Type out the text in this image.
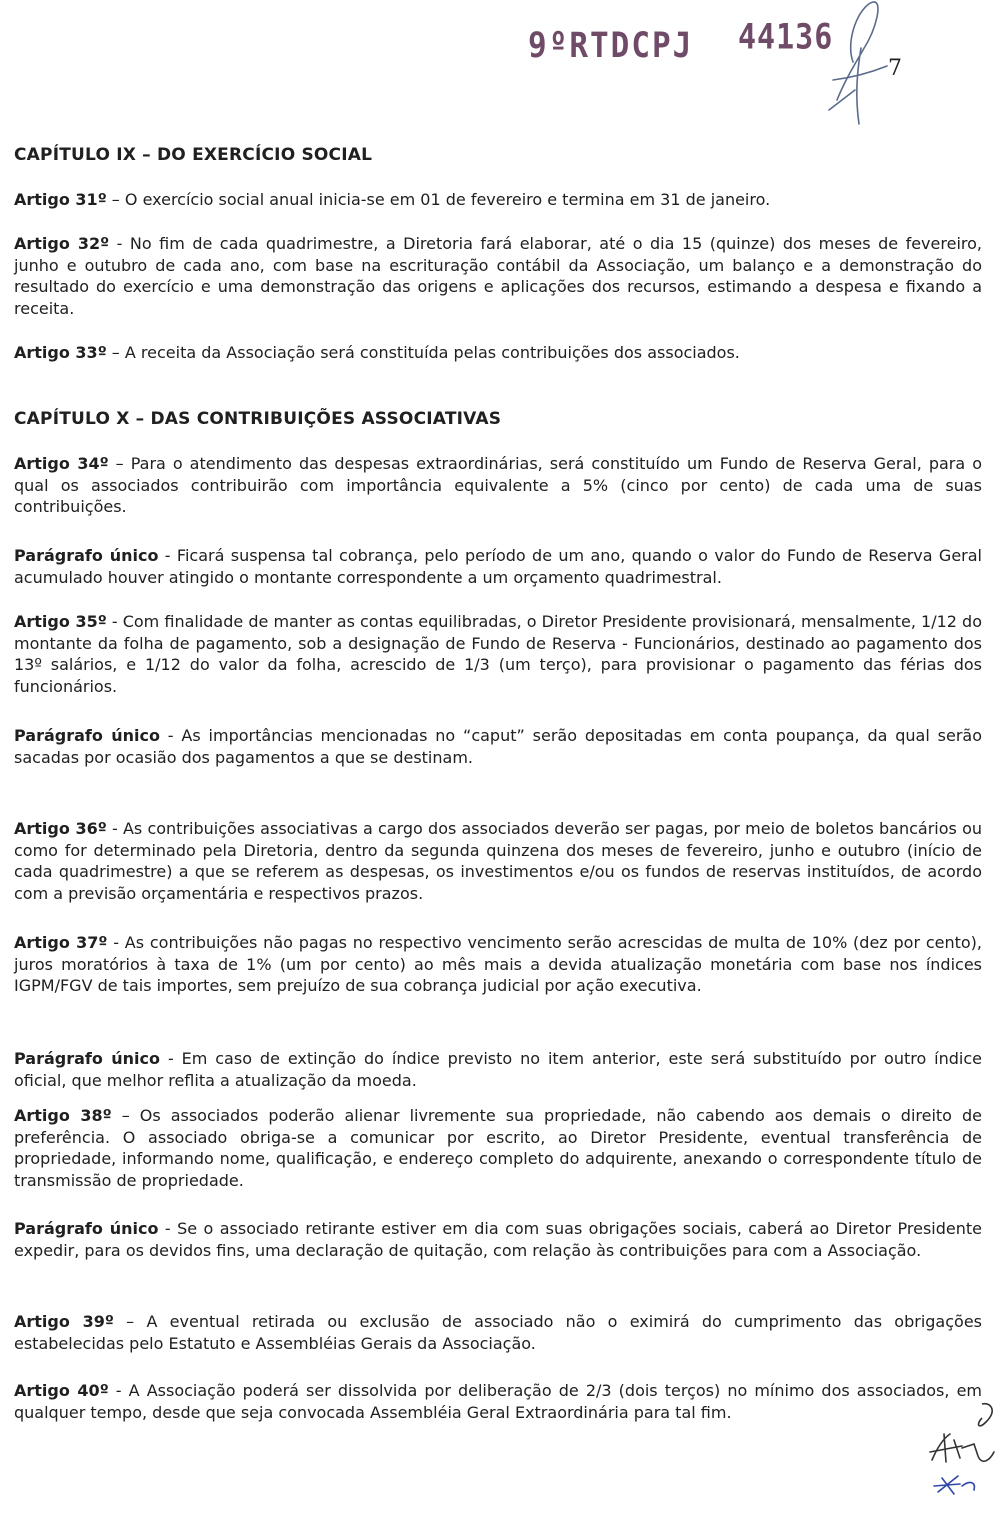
9ºRTDCPJ 44136
7
CAPÍTULO IX – DO EXERCÍCIO SOCIAL

Artigo 31º – O exercício social anual inicia-se em 01 de fevereiro e termina em 31 de janeiro.

Artigo 32º - No fim de cada quadrimestre, a Diretoria fará elaborar, até o dia 15 (quinze) dos meses de fevereiro, junho e outubro de cada ano, com base na escrituração contábil da Associação, um balanço e a demonstração do resultado do exercício e uma demonstração das origens e aplicações dos recursos, estimando a despesa e fixando a receita.

Artigo 33º – A receita da Associação será constituída pelas contribuições dos associados.

CAPÍTULO X – DAS CONTRIBUIÇÕES ASSOCIATIVAS

Artigo 34º – Para o atendimento das despesas extraordinárias, será constituído um Fundo de Reserva Geral, para o qual os associados contribuirão com importância equivalente a 5% (cinco por cento) de cada uma de suas contribuições.

Parágrafo único - Ficará suspensa tal cobrança, pelo período de um ano, quando o valor do Fundo de Reserva Geral acumulado houver atingido o montante correspondente a um orçamento quadrimestral.

Artigo 35º - Com finalidade de manter as contas equilibradas, o Diretor Presidente provisionará, mensalmente, 1/12 do montante da folha de pagamento, sob a designação de Fundo de Reserva - Funcionários, destinado ao pagamento dos 13º salários, e 1/12 do valor da folha, acrescido de 1/3 (um terço), para provisionar o pagamento das férias dos funcionários.

Parágrafo único - As importâncias mencionadas no “caput” serão depositadas em conta poupança, da qual serão sacadas por ocasião dos pagamentos a que se destinam.

Artigo 36º - As contribuições associativas a cargo dos associados deverão ser pagas, por meio de boletos bancários ou como for determinado pela Diretoria, dentro da segunda quinzena dos meses de fevereiro, junho e outubro (início de cada quadrimestre) a que se referem as despesas, os investimentos e/ou os fundos de reservas instituídos, de acordo com a previsão orçamentária e respectivos prazos.

Artigo 37º - As contribuições não pagas no respectivo vencimento serão acrescidas de multa de 10% (dez por cento), juros moratórios à taxa de 1% (um por cento) ao mês mais a devida atualização monetária com base nos índices IGPM/FGV de tais importes, sem prejuízo de sua cobrança judicial por ação executiva.

Parágrafo único - Em caso de extinção do índice previsto no item anterior, este será substituído por outro índice oficial, que melhor reflita a atualização da moeda.

Artigo 38º – Os associados poderão alienar livremente sua propriedade, não cabendo aos demais o direito de preferência. O associado obriga-se a comunicar por escrito, ao Diretor Presidente, eventual transferência de propriedade, informando nome, qualificação, e endereço completo do adquirente, anexando o correspondente título de transmissão de propriedade.

Parágrafo único - Se o associado retirante estiver em dia com suas obrigações sociais, caberá ao Diretor Presidente expedir, para os devidos fins, uma declaração de quitação, com relação às contribuições para com a Associação.

Artigo 39º – A eventual retirada ou exclusão de associado não o eximirá do cumprimento das obrigações estabelecidas pelo Estatuto e Assembléias Gerais da Associação.

Artigo 40º - A Associação poderá ser dissolvida por deliberação de 2/3 (dois terços) no mínimo dos associados, em qualquer tempo, desde que seja convocada Assembléia Geral Extraordinária para tal fim.
